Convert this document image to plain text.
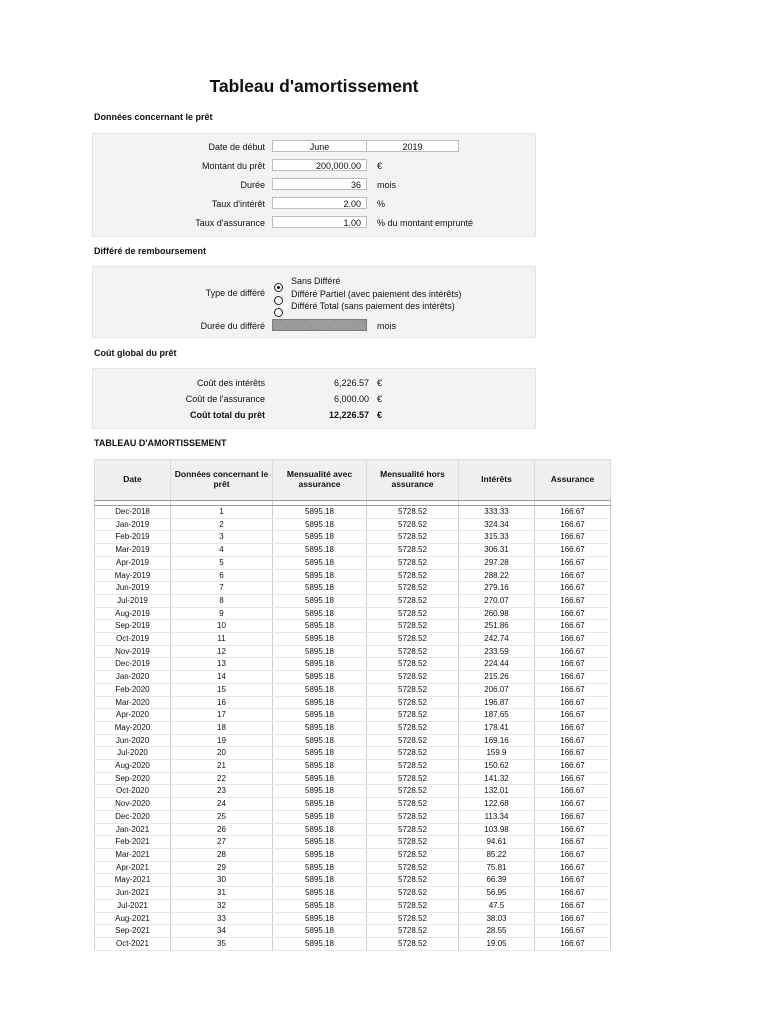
Tableau d'amortissement
Données concernant le prêt
Date de début	June	2019
Montant du prêt	200,000.00	€
Durée	36	mois
Taux d'intérêt	2.00	%
Taux d'assurance	1.00	% du montant emprunté
Différé de remboursement
Type de différé
Sans Différé
Différé Partiel (avec paiement des intérêts)
Différé Total (sans paiement des intérêts)
Durée du différé	mois
Coût global du prêt
Coût des intérêts	6,226.57 €
Coût de l'assurance	6,000.00 €
Coût total du prêt	12,226.57 €
TABLEAU D'AMORTISSEMENT
Date	Données concernant le prêt	Mensualité avec assurance	Mensualité hors assurance	Intérêts	Assurance

Dec-2018	1	5895.18	5728.52	333.33	166.67
Jan-2019	2	5895.18	5728.52	324.34	166.67
Feb-2019	3	5895.18	5728.52	315.33	166.67
Mar-2019	4	5895.18	5728.52	306.31	166.67
Apr-2019	5	5895.18	5728.52	297.28	166.67
May-2019	6	5895.18	5728.52	288.22	166.67
Jun-2019	7	5895.18	5728.52	279.16	166.67
Jul-2019	8	5895.18	5728.52	270.07	166.67
Aug-2019	9	5895.18	5728.52	260.98	166.67
Sep-2019	10	5895.18	5728.52	251.86	166.67
Oct-2019	11	5895.18	5728.52	242.74	166.67
Nov-2019	12	5895.18	5728.52	233.59	166.67
Dec-2019	13	5895.18	5728.52	224.44	166.67
Jan-2020	14	5895.18	5728.52	215.26	166.67
Feb-2020	15	5895.18	5728.52	206.07	166.67
Mar-2020	16	5895.18	5728.52	196.87	166.67
Apr-2020	17	5895.18	5728.52	187.65	166.67
May-2020	18	5895.18	5728.52	178.41	166.67
Jun-2020	19	5895.18	5728.52	169.16	166.67
Jul-2020	20	5895.18	5728.52	159.9	166.67
Aug-2020	21	5895.18	5728.52	150.62	166.67
Sep-2020	22	5895.18	5728.52	141.32	166.67
Oct-2020	23	5895.18	5728.52	132.01	166.67
Nov-2020	24	5895.18	5728.52	122.68	166.67
Dec-2020	25	5895.18	5728.52	113.34	166.67
Jan-2021	26	5895.18	5728.52	103.98	166.67
Feb-2021	27	5895.18	5728.52	94.61	166.67
Mar-2021	28	5895.18	5728.52	85.22	166.67
Apr-2021	29	5895.18	5728.52	75.81	166.67
May-2021	30	5895.18	5728.52	66.39	166.67
Jun-2021	31	5895.18	5728.52	56.95	166.67
Jul-2021	32	5895.18	5728.52	47.5	166.67
Aug-2021	33	5895.18	5728.52	38.03	166.67
Sep-2021	34	5895.18	5728.52	28.55	166.67
Oct-2021	35	5895.18	5728.52	19.05	166.67
